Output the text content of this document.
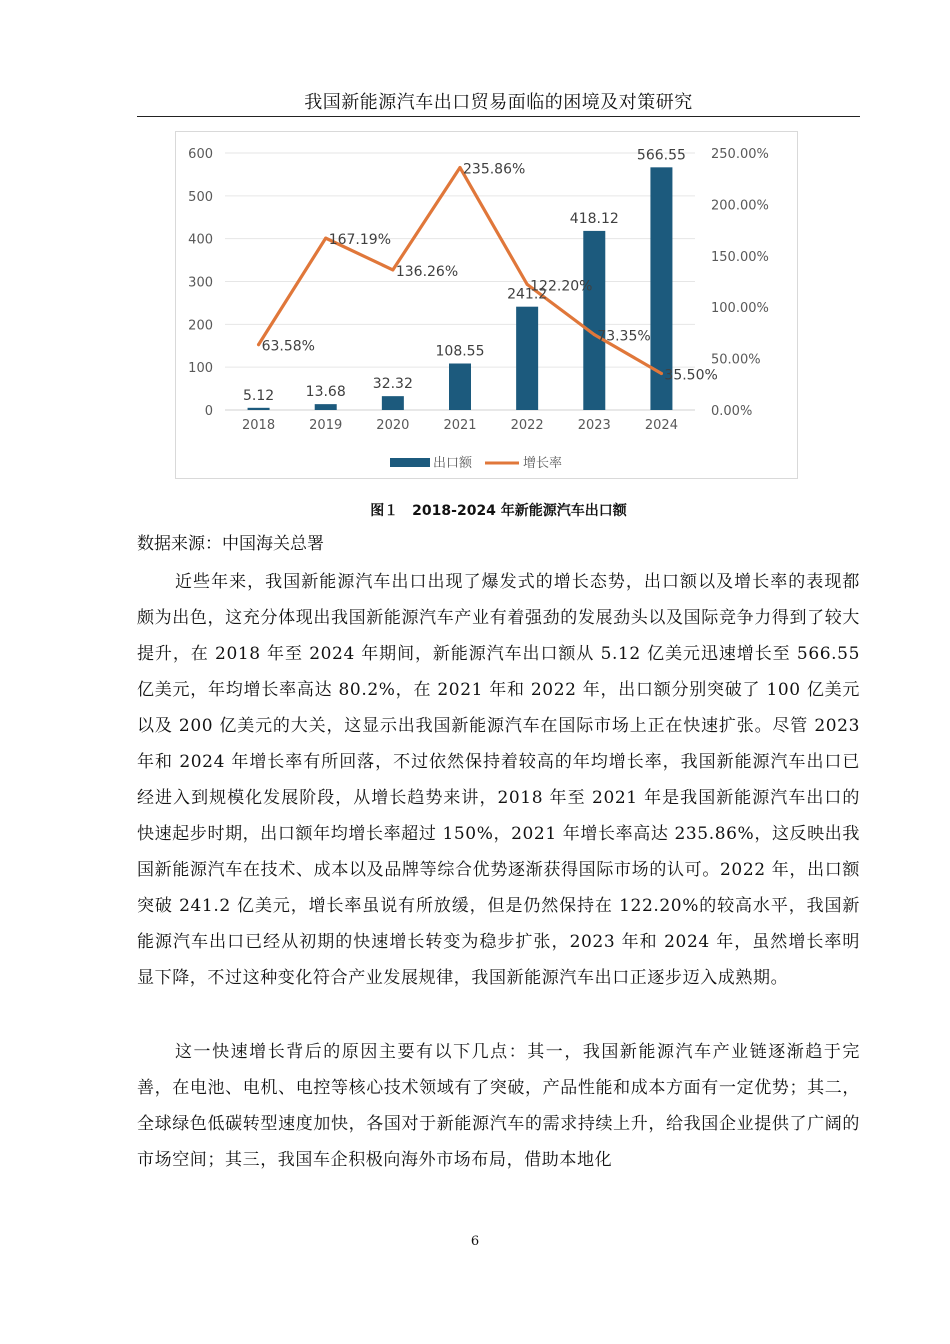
我国新能源汽车出口贸易面临的困境及对策研究
0
100
200
300
400
500
600
0.00%
50.00%
100.00%
150.00%
200.00%
250.00%
2018	2019	2020	2021	2022	2023	2024
5.12 13.68 32.32
108.55
241.2
418.12
566.55
63.58%
167.19%
136.26%
235.86%
122.20%
73.35%
35.50%
出口额	增长率
图１　2018-2024 年新能源汽车出口额
数据来源：中国海关总署

近些年来，我国新能源汽车出口出现了爆发式的增长态势，出口额以及增长率的表现都颇为出色，这充分体现出我国新能源汽车产业有着强劲的发展劲头以及国际竞争力得到了较大提升，在 2018 年至 2024 年期间，新能源汽车出口额从 5.12 亿美元迅速增长至 566.55 亿美元，年均增长率高达 80.2%，在 2021 年和 2022 年，出口额分别突破了 100 亿美元以及 200 亿美元的大关，这显示出我国新能源汽车在国际市场上正在快速扩张。尽管 2023 年和 2024 年增长率有所回落，不过依然保持着较高的年均增长率，我国新能源汽车出口已经进入到规模化发展阶段，从增长趋势来讲，2018 年至 2021 年是我国新能源汽车出口的快速起步时期，出口额年均增长率超过 150%，2021 年增长率高达 235.86%，这反映出我国新能源汽车在技术、成本以及品牌等综合优势逐渐获得国际市场的认可。2022 年，出口额突破 241.2 亿美元，增长率虽说有所放缓，但是仍然保持在 122.20%的较高水平，我国新能源汽车出口已经从初期的快速增长转变为稳步扩张，2023 年和 2024 年，虽然增长率明显下降，不过这种变化符合产业发展规律，我国新能源汽车出口正逐步迈入成熟期。

这一快速增长背后的原因主要有以下几点：其一，我国新能源汽车产业链逐渐趋于完善，在电池、电机、电控等核心技术领域有了突破，产品性能和成本方面有一定优势；其二，全球绿色低碳转型速度加快，各国对于新能源汽车的需求持续上升，给我国企业提供了广阔的市场空间；其三，我国车企积极向海外市场布局，借助本地化

6
